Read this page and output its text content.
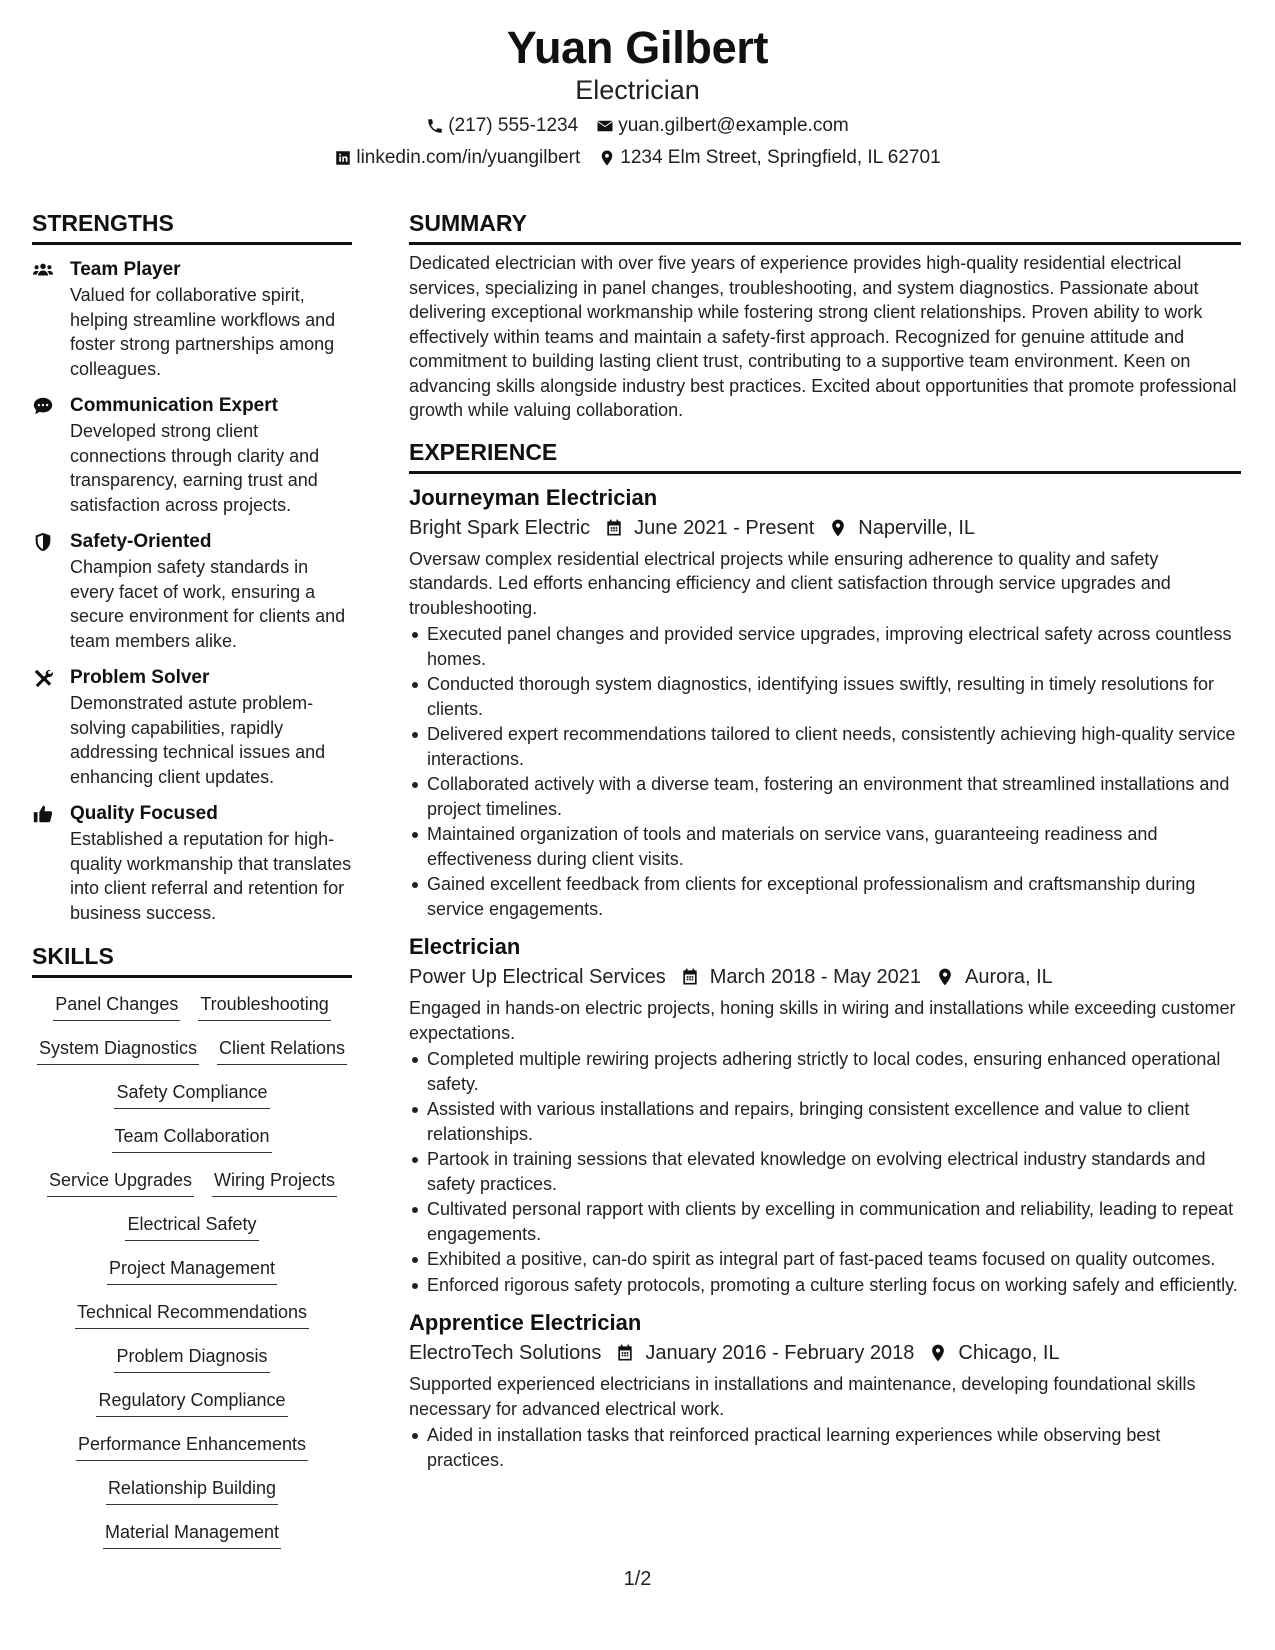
Yuan Gilbert
Electrician
(217) 555-1234 yuan.gilbert@example.com
linkedin.com/in/yuangilbert 1234 Elm Street, Springfield, IL 62701
STRENGTHS
Team Player
Valued for collaborative spirit, helping streamline workflows and foster strong partnerships among colleagues.
Communication Expert
Developed strong client connections through clarity and transparency, earning trust and satisfaction across projects.
Safety-Oriented
Champion safety standards in every facet of work, ensuring a secure environment for clients and team members alike.
Problem Solver
Demonstrated astute problem-solving capabilities, rapidly addressing technical issues and enhancing client updates.
Quality Focused
Established a reputation for high-quality workmanship that translates into client referral and retention for business success.
SKILLS
Panel Changes Troubleshooting
System Diagnostics Client Relations
Safety Compliance
Team Collaboration
Service Upgrades Wiring Projects
Electrical Safety
Project Management
Technical Recommendations
Problem Diagnosis
Regulatory Compliance
Performance Enhancements
Relationship Building
Material Management
SUMMARY
Dedicated electrician with over five years of experience provides high-quality residential electrical services, specializing in panel changes, troubleshooting, and system diagnostics. Passionate about delivering exceptional workmanship while fostering strong client relationships. Proven ability to work effectively within teams and maintain a safety-first approach. Recognized for genuine attitude and commitment to building lasting client trust, contributing to a supportive team environment. Keen on advancing skills alongside industry best practices. Excited about opportunities that promote professional growth while valuing collaboration.
EXPERIENCE
Journeyman Electrician
Bright Spark Electric June 2021 - Present Naperville, IL
Oversaw complex residential electrical projects while ensuring adherence to quality and safety standards. Led efforts enhancing efficiency and client satisfaction through service upgrades and troubleshooting.
Executed panel changes and provided service upgrades, improving electrical safety across countless homes.
Conducted thorough system diagnostics, identifying issues swiftly, resulting in timely resolutions for clients.
Delivered expert recommendations tailored to client needs, consistently achieving high-quality service interactions.
Collaborated actively with a diverse team, fostering an environment that streamlined installations and project timelines.
Maintained organization of tools and materials on service vans, guaranteeing readiness and effectiveness during client visits.
Gained excellent feedback from clients for exceptional professionalism and craftsmanship during service engagements.
Electrician
Power Up Electrical Services March 2018 - May 2021 Aurora, IL
Engaged in hands-on electric projects, honing skills in wiring and installations while exceeding customer expectations.
Completed multiple rewiring projects adhering strictly to local codes, ensuring enhanced operational safety.
Assisted with various installations and repairs, bringing consistent excellence and value to client relationships.
Partook in training sessions that elevated knowledge on evolving electrical industry standards and safety practices.
Cultivated personal rapport with clients by excelling in communication and reliability, leading to repeat engagements.
Exhibited a positive, can-do spirit as integral part of fast-paced teams focused on quality outcomes.
Enforced rigorous safety protocols, promoting a culture sterling focus on working safely and efficiently.
Apprentice Electrician
ElectroTech Solutions January 2016 - February 2018 Chicago, IL
Supported experienced electricians in installations and maintenance, developing foundational skills necessary for advanced electrical work.
Aided in installation tasks that reinforced practical learning experiences while observing best practices.
1/2
